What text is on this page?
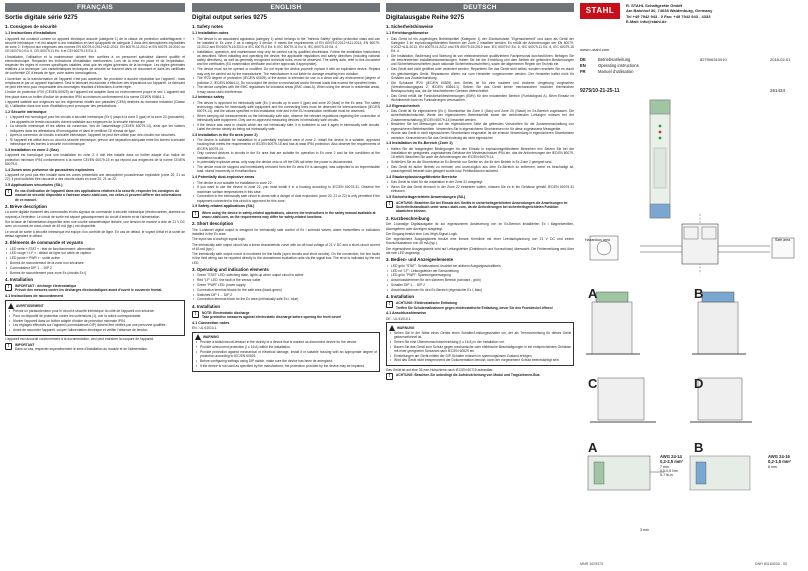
FRANÇAIS	ENGLISH	DEUTSCH
Sortie digitale série 9275
1. Consignes de sécurité
1.1 Instructions d'installation

L'appareil est construit comme un appareil électrique associé (catégorie 1) de la classe de protection antidéflagrante « sécurité intrinsèque » et est adapté à une installation en tant qu'appareil de catégorie 3 dans des atmosphères explosibles de zone 2. Il répond aux exigences des normes EN 60079-0:2012+A11:2013, EN 60079-11:2012 et EN 60079-15:2010 ou CEI 60079-0 Ed. 6, CEI 60079-11 Ed. 6 et CEI 60079-15 Ed. 4.

L'installation, l'utilisation et la maintenance doivent être confiées à un personnel spécialisé dûment qualifié et électrotechnique. Respecter les instructions d'installation mentionnées. Lors de la mise en place et de l'exploitation, respecter les règles et normes spécifiques valables, ainsi que les règles générales de la technique. Les règles générales relatives à la technique. Les caractéristiques techniques de sécurité se trouvent dans ce document et dans les certificats de conformité CE d'essais de type, voire autres homologations.

L'ouverture ou la transformation de l'appareil n'est pas autorisée. Ne procédez à aucune réparation sur l'appareil ; mais remplacez-le par un appareil équivalent. Seul le fabricant est autorisé à effectuer des réparations sur l'appareil. Le fabricant ne peut être tenu pour responsable des dommages résultant d'infractions à cette règle.

L'indice de protection IP20 (CEI/EN 60529) de l'appareil est adaptée dans un environnement propre et sec. L'appareil doit être placé dans un boîtier d'indice de protection IP54 au minimum conformément à la norme CEI/EN 60664-1.

L'appareil satisfait aux exigences sur les règlements relatifs aux parasites (CEM) destinés au domaine industriel (Classe A). L'utilisation dans une zone d'habitation peut provoquer des perturbations.

1.2 Sécurité intrinsèque
• L'appareil est homologué pour les circuits à sécurité intrinsèque (Ex i) jusqu'à la zone 0 (gaz) et la zone 20 (poussière). Les appareils de terrain raccordés doivent satisfaire aux exigences de la sécurité intrinsèque.
• La sécurité intrinsèque et les câbles de connexion, lors de l'assemblage (CEI/EN 60079-14), ainsi que les valeurs indiquées dans les attestations d'homologation et dans le certificat CE d'essai de type.
• Après la connexion de circuits à sécurité intrinsèque, l'appareil ne peut être utilisé pour des circuits non sécurisés.
• Si l'appareil est utilisé avec un circuit à sécurité intrinsèque, prévoir une séparation adéquate entre les bornes à sécurité intrinsèque et les bornes à sécurité non intrinsèque.
1.3 Installation en zone 2 (Gaz)

L'appareil est homologué pour une installation en zone 2. Il doit être installé dans un boîtier adapté d'un indice de protection minimum IP54 conformément à la norme CEI/EN 60079-15 et qui répond aux exigences de la norme CEI/EN 60079-0.

1.4 Zones avec présence de poussières explosives

L'appareil ne peut pas être installé dans les zones présentant une atmosphère poussiéreuse explosible (zone 20, 21 ou 22). Il peut toutefois être raccordé à des circuits situés en zone 20, 21 ou 22.

1.5 Applications sécurisées (SIL)
!	En cas d'utilisation de l'appareil dans des applications relatives à la sécurité, respecter les consignes du manuel de sécurité disponible à l'adresse www.r-stahl.com, car celles-ci peuvent différer des informations de ce manuel.
2. Brève description

La sortie digitale transmet des commandes et des signaux de commande à sécurité intrinsèque (électrovannes, alarmes ou voyants) à l'extérieur. Le circuit de sortie est séparé galvaniquement du circuit d'entrée et de l'alimentation.

Sur la base de l'alimentation disponible avec une courbe caractéristique linéaire, une tension de marche à vide de 21 V DC avec un courant de court-circuit de 45 mA (typ.) est disponible.

Le circuit de sortie à sécurité intrinsèque est équipé d'un contrôle de ligne. En cas de défaut, le voyant d'état et la sortie de défaut signalent le défaut.

3. Éléments de commande et voyants
• LED verte « STAT » : état de fonctionnement, alimentation
• LED rouge « LF » : défaut de ligne sur câble de capteur
• LED jaune « PWR » : sortie active
• Bornes de raccordement de la zone non sécurisée
• Commutateur DIP 1 ... DIP 2
• Bornes de raccordement pour zone Ex (circuits Ex i)
4. Installation
!	IMPORTANT : décharge électrostatique
Prévoir des mesures contre les décharges électrostatiques avant d'ouvrir le couvercle frontal.
4.1 Instructions de raccordement
AVERTISSEMENT
• Prévoir un parasurtenseur pour le circuit à sécurité intrinsèque du côté de l'appareil non sécurisé.
• Pour un dispositif de protection contre les surtensions (1), voir la notice correspondante.
• Monter l'appareil dans un boîtier adapté d'indice de protection minimale IP54.
• Les réglages effectués sur l'appareil (commutateurs DIP) doivent être vérifiés par une personne qualifiée.
• Avant de raccorder l'appareil, couper l'alimentation électrique et vérifier l'absence de tension.

L'appareil est raccordé conformément à la documentation, ceci peut entraîner la coupure de l'appareil.

!	IMPORTANT
Dans ce cas, respecter impérativement le sens d'installation du module et de l'alimentation.
Digital output series 9275
1. Safety notes
1.1 Installation notes
• The device is an associated apparatus (category 1) which belongs to the "Intrinsic Safety" ignition protection class and can be installed in Ex zone 2 as a category 3 device. It meets the requirements of EN 60079-0:2012+A11:2013, EN 60079-11:2012 and EN 60079-15:2010 or IEC 60079-0 Ed. 6, IEC 60079-11 Ed. 6, IEC 60079-15 Ed. 4.
• Installation, operation, and maintenance may only be carried out by qualified electricians. Follow the installation instructions as described. When installing and operating the device, the applicable regulations and safety directives (including national safety directives), as well as generally recognized technical rules, must be observed. The safety data, refer to this document and the certificates (EU examination certificate and other approvals if appropriate).
• The device must not be opened or modified. Do not repair the device yourself; replace it with an equivalent device. Repairs may only be carried out by the manufacturer. The manufacturer is not liable for damage resulting from violation.
• The IP20 degree of protection (IEC/EN 60529) of the device is intended for use in a clean and dry environment (degree of pollution 2, IEC/EN 60664-1). Do not subject the device to mechanical and/or thermal loads that exceed the specified limits.
• The device complies with the EMC regulations for industrial areas (EMC class A). When using the device in residential areas, it may cause radio interference.
1.2 Intrinsic safety
• The device is approved for intrinsically safe (Ex i) circuits up to zone 0 (gas) and zone 20 (dust) in the Ex area. The safety technology values for intrinsically safe equipment and the connecting lines must be observed for interconnections (IEC/EN 60079-14), and the values specified in this installation note and in the EU examination certificate must be observed.
• When carrying out measurements on the intrinsically safe side, observe the relevant regulations regarding the connection of intrinsically safe equipment. Only use ex-approved measuring devices in intrinsically safe circuits.
• If the device was used in circuits which are not intrinsically safe, it is forbidden to use it again in intrinsically safe circuits. Label the device clearly as being not intrinsically safe.
1.3 Installation in the Ex area (zone 2)
• The device is suitable for installation in a potentially explosive area of zone 2. Install the device in a suitable, approved housing that meets the requirements of IEC/EN 60079-15 and has at least IP54 protection. Also observe the requirements of IEC/EN 60079-14.
• Only connect devices to circuits in the Ex area that are suitable for operation in Ex zone 2 and for the conditions at the installation location.
• In potentially explosive areas, only snap the device onto or off the DIN rail when the power is disconnected.
• The device must be stopped and immediately removed from the Ex area if it is damaged, was subjected to an impermissible load, stored incorrectly or if malfunctions.
1.4 Potentially dust-explosive areas
• The device is not suitable for installation in zone 22.
• If you want to use the device in zone 22, you must install it in a housing according to IEC/EN 60079-31. Observe the maximum surface temperatures in this case.
• Connection to the intrinsically safe circuit in areas with a danger of dust explosions (zone 20, 21 or 22) is only permitted if the equipment connected to this circuit is approved for this zone.
1.5 Safety-related applications (SIL)
!	When using the device in safety-related applications, observe the instructions in the safety manual available at www.r-stahl.com, as the requirements may differ for safety-related functions.
2. Short description

The 1-channel digital output is designed for intrinsically safe control of Ex i solenoid valves, alarm transmitters or indicators installed in the Ex area.

The input has a low/high signal logic.

The intrinsically safe output circuit has a linear characteristic curve with an off-load voltage of 21 V DC and a short-circuit current of 45 mA (typ.).

The intrinsically safe output circuit is monitored for line faults (open circuits and short circuits). On the connection, the line faults in the field wiring can be reported directly to the downstream evaluation units via the signal bus. The error is indicated by the red LED.

3. Operating and indication elements
• Green "STAT" LED: switching state, lights up when output circuit is active
• Red "LF" LED: line fault of the sensor cable
• Green "PWR" LED: power supply
• Connection terminal blocks for the safe area (black-green)
• Switches DIP 1 ... DIP 2
• Connection terminal block for the Ex area (intrinsically safe Ex i, blue)
4. Installation
!	NOTE: Electrostatic discharge
Take protective measures against electrostatic discharge before opening the front cover!
4.1 Connection notes

EN - UL 61010-1

WARNING
• Provide a switch/circuit-breaker in the vicinity of a device that is marked as disconnect device for the device.
• Provide overcurrent protection (I ≤ 16 A) within the installation.
• Provide protection against mechanical or electrical damage, install it in suitable housing with an appropriate degree of protection according to IEC/EN 60529.
• Before configuring settings using DIP switch, make sure the device has been de-energized.
• If the device is not used as specified by the manufacturer, the protection provided by the device may be impaired.
Digitalausgabe Reihe 9275
1. Sicherheitshinweise
1.1 Errichtungshinweise
• Das Gerät ist ein zugehöriges Betriebsmittel (Kategorie 1) der Zündschutzart "Eigensicherheit" und kann als Gerät der Kategorie 3 im explosionsgefährdeten Bereich der Zone 2 installiert werden. Es erfüllt die Anforderungen der EN 60079-0:2012+A11:2013, EN 60079-11:2012 und EN 60079-15:2010 bzw. IEC 60079-0 Ed. 6, IEC 60079-11 Ed. 6, IEC 60079-15 Ed. 4.
• Die Installation, Bedienung und Wartung ist von elektrotechnisch qualifiziertem Fachpersonal durchzuführen. Befolgen Sie die beschriebenen Installationsanweisungen. Halten Sie bei der Errichtung und dem Betrieb die geltenden Bestimmungen und Sicherheitsvorschriften (auch nationale Sicherheitsvorschriften), sowie die allgemeinen Regeln der Technik ein.
• Das Gerät darf nicht geöffnet oder verändert werden. Reparieren Sie das Gerät nicht selbst, sondern ersetzen Sie es durch ein gleichwertiges Gerät. Reparaturen dürfen nur vom Hersteller vorgenommen werden. Der Hersteller haftet nicht für Schäden aus Zuwiderhandlung.
• Die Schutzart IP20 (IEC/EN 60529) des Geräts ist für eine saubere und trockene Umgebung vorgesehen (Verschmutzungsgrad 2, IEC/EN 60664-1). Setzen Sie das Gerät keiner mechanischen und/oder thermischen Beanspruchung aus, die die beschriebenen Grenzen überschreitet.
• Das Gerät erfüllt die Funkstörfunkbestimmungen (EMV) für den industriellen Bereich (Funkstörgrad A). Beim Einsatz im Wohnbereich kann es Funkstörungen verursachen.
1.2 Eigensicherheit
• Das Gerät ist für eigensichere (Ex i) Stromkreise bis Zone 0 (Gas) und Zone 20 (Staub) im Ex-Bereich zugelassen. Die sicherheitstechnischen Werte der eigensicheren Betriebsmittel sowie der verbindenden Leitungen müssen bei der Zusammenschaltung (IEC/EN 60079-14) beachtet werden.
• Beachten Sie bei Messungen auf der eigensicheren Seite die geltenden Vorschriften für die Zusammenschaltung von eigensicheren Betriebsmitteln. Verwenden Sie in eigensicheren Stromkreisen nur für diese zugelassene Messgeräte.
• Wurde das Gerät in nicht eigensicheren Stromkreisen eingesetzt, ist die erneute Verwendung in eigensicheren Stromkreisen verboten. Kennzeichnen Sie das Gerät eindeutig als nicht eigensicher.
1.3 Installation im Ex-Bereich (Zone 2)
• Halten Sie die festgelegten Bedingungen für den Einsatz in explosionsgefährdeten Bereichen ein! Setzen Sie bei der Installation ein geeignetes, zugelassenes Gehäuse der Mindestschutzart IP54 ein, das die Anforderungen der IEC/EN 60079-15 erfüllt. Beachten Sie auch die Anforderungen der IEC/EN 60079-14.
• Schließen Sie an die Stromkreise im Ex-Bereich nur Geräte an, die für den Betrieb in Ex-Zone 2 geeignet sind.
• Das Gerät ist außer Betrieb zu nehmen und unverzüglich aus dem Ex-Bereich zu entfernen, wenn es beschädigt ist, unsachgemäß belastet oder gelagert wurde bzw. Fehlfunktionen aufweist.
1.4 Staubexplosionsgefährdete Bereiche
• Das Gerät ist nicht für die Installation in der Zone 22 ausgelegt.
• Wenn Sie das Gerät dennoch in der Zone 22 einsetzen wollen, müssen Sie es in ein Gehäuse gemäß IEC/EN 60079-31 einbauen.
1.5 Sicherheitsgerichtete Anwendungen (SIL)
!	ACHTUNG: Beachten Sie bei Einsatz des Geräts in sicherheitsgerichteten Anwendungen die Anweisungen im Sicherheitshandbuch unter www.r-stahl.com, da die Anforderungen bei sicherheitsgerichteten Funktion abweichen können.
2. Kurzbeschreibung

Der 1-kanalige Digitalausgabe ist zur eigensicheren Ansteuerung von im Ex-Bereich installierten Ex i Magnetventilen, Alarmgebern oder Anzeigen ausgelegt.

Der Eingang besitzt eine Low-/High-Signal-Logik.

Der eigensichere Ausgangskreis besitzt eine lineare Kennlinie mit einer Leerlaufspannung von 21 V DC und einem Kurzschlussstrom von 45 mA (typ.).

Der eigensichere Ausgangskreis wird auf Leitungsfehler (Drahtbruch und Kurzschluss) überwacht. Die Fehlermeldung wird über die rote LED angezeigt.

3. Bedien- und Anzeigeelemente
• LED grün "STAT": Schaltzustand, leuchtet bei aktivem Ausgangsschaltkreis
• LED rot "LF": Leitungsfehler der Sensorleitung
• LED grün "PWR": Spannungsversorgung
• Anschlussklemmen für den sicheren Bereich (schwarz - grün)
• Schalter DIP 1 ... DIP 2
• Anschlussklemmen für den Ex-Bereich (eigensicher Ex i, blau)
4. Installation
!	ACHTUNG: Elektrostatische Entladung
Treffen Sie Schutzmaßnahmen gegen elektrostatische Entladung, bevor Sie den Frontdeckel öffnen!
4.1 Anschlusshinweise

DE - UL 61010-1

WARNUNG
• Sehen Sie in der Nähe eines Geräts einen Schalter/Leistungsschalter vor, der als Trennvorrichtung für dieses Gerät gekennzeichnet ist.
• Sehen Sie eine Überstromschutzeinrichtung (I ≤ 16 A) in der Installation vor.
• Bauen Sie das Gerät zum Schutz gegen mechanische oder elektrische Beschädigungen in ein entsprechendes Gehäuse mit einer geeigneten Schutzart nach IEC/EN 60529 ein.
• Einstellungen am Gerät mittels der DIP-Schalter müssen im spannungslosen Zustand erfolgen.
• Wird das Gerät nicht entsprechend der Dokumentation benutzt, kann der vorgesehene Schutz beeinträchtigt sein.

Das Gerät ist auf eine 35-mm-Hutschiene nach IEC/EN 60715 aufrastbar.

!	ACHTUNG: Beachten Sie unbedingt die Aufsteckrichtung von Modul und Tragschienen-Bus.
STAHL
R. STAHL Schaltgeräte GmbH
Am Bahnhof 30, 74638 Waldenburg, Germany
Tel +49 7942 943 - 0 Fax: +49 7942 943 - 4333
E-Mail: info@stahl.de
www.r-stahl.com
827906310010	2018-02-01
DE	Betriebsanleitung
EN	Operating instructions
FR	Manuel d'utilisation
9275/10-21-25-11	261434
Hazardous area	Safe area
A	B
C	D
A	B
AWG 24-14
0,2-2,5 mm²
7 mm
0,5-0,6 Nm
5-7 lb-in
AWG 24-16
0,2-1,5 mm²
8 mm
3 mm
MNR 1029373	DNR 83184030 - 00
